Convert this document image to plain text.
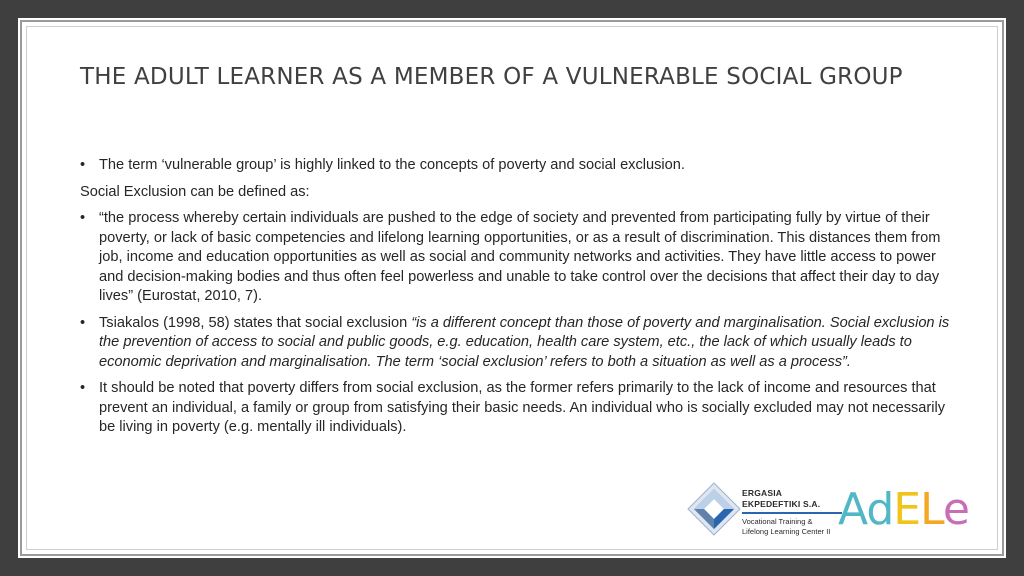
THE ADULT LEARNER AS A MEMBER OF A VULNERABLE SOCIAL GROUP
• The term ‘vulnerable group’ is highly linked to the concepts of poverty and social exclusion.
Social Exclusion can be defined as:
• “the process whereby certain individuals are pushed to the edge of society and prevented from participating fully by virtue of their poverty, or lack of basic competencies and lifelong learning opportunities, or as a result of discrimination. This distances them from job, income and education opportunities as well as social and community networks and activities. They have little access to power and decision-making bodies and thus often feel powerless and unable to take control over the decisions that affect their day to day lives” (Eurostat, 2010, 7).
• Tsiakalos (1998, 58) states that social exclusion “is a different concept than those of poverty and marginalisation. Social exclusion is the prevention of access to social and public goods, e.g. education, health care system, etc., the lack of which usually leads to economic deprivation and marginalisation. The term ‘social exclusion’ refers to both a situation as well as a process”.
• It should be noted that poverty differs from social exclusion, as the former refers primarily to the lack of income and resources that prevent an individual, a family or group from satisfying their basic needs. An individual who is socially excluded may not necessarily be living in poverty (e.g. mentally ill individuals).
ERGASIA
EKPEDEFTIKI S.A.
Vocational Training &
Lifelong Learning Center II AdELe
